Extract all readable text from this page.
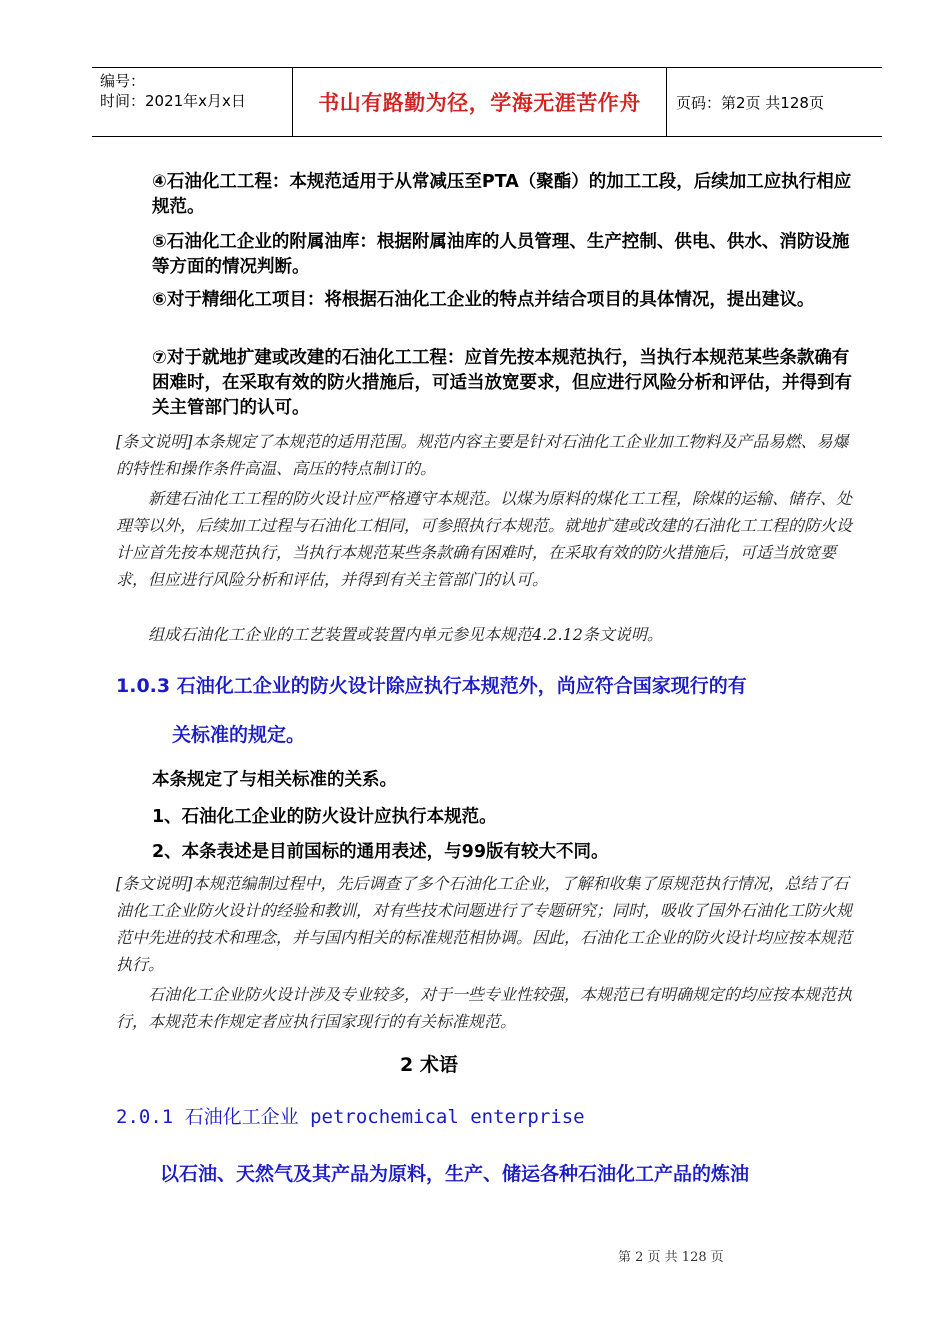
编号：
时间：2021年x月x日	书山有路勤为径，学海无涯苦作舟 页码：第2页 共128页

④石油化工工程：本规范适用于从常减压至PTA（聚酯）的加工工段，后续加工应执行相应规范。

⑤石油化工企业的附属油库：根据附属油库的人员管理、生产控制、供电、供水、消防设施等方面的情况判断。

⑥对于精细化工项目：将根据石油化工企业的特点并结合项目的具体情况，提出建议。

⑦对于就地扩建或改建的石油化工工程：应首先按本规范执行，当执行本规范某些条款确有困难时，在采取有效的防火措施后，可适当放宽要求，但应进行风险分析和评估，并得到有关主管部门的认可。

[条文说明]本条规定了本规范的适用范围。规范内容主要是针对石油化工企业加工物料及产品易燃、易爆的特性和操作条件高温、高压的特点制订的。

新建石油化工工程的防火设计应严格遵守本规范。以煤为原料的煤化工工程，除煤的运输、储存、处理等以外，后续加工过程与石油化工相同，可参照执行本规范。就地扩建或改建的石油化工工程的防火设计应首先按本规范执行，当执行本规范某些条款确有困难时，在采取有效的防火措施后，可适当放宽要求，但应进行风险分析和评估，并得到有关主管部门的认可。

组成石油化工企业的工艺装置或装置内单元参见本规范4.2.12条文说明。

1.0.3 石油化工企业的防火设计除应执行本规范外，尚应符合国家现行的有

关标准的规定。

本条规定了与相关标准的关系。

1、石油化工企业的防火设计应执行本规范。

2、本条表述是目前国标的通用表述，与99版有较大不同。

[条文说明]本规范编制过程中，先后调查了多个石油化工企业，了解和收集了原规范执行情况，总结了石油化工企业防火设计的经验和教训，对有些技术问题进行了专题研究；同时，吸收了国外石油化工防火规范中先进的技术和理念，并与国内相关的标准规范相协调。因此，石油化工企业的防火设计均应按本规范执行。

石油化工企业防火设计涉及专业较多，对于一些专业性较强，本规范已有明确规定的均应按本规范执行，本规范未作规定者应执行国家现行的有关标准规范。

2 术语

2.0.1 石油化工企业 petrochemical enterprise

以石油、天然气及其产品为原料，生产、储运各种石油化工产品的炼油

第 2 页 共 128 页
